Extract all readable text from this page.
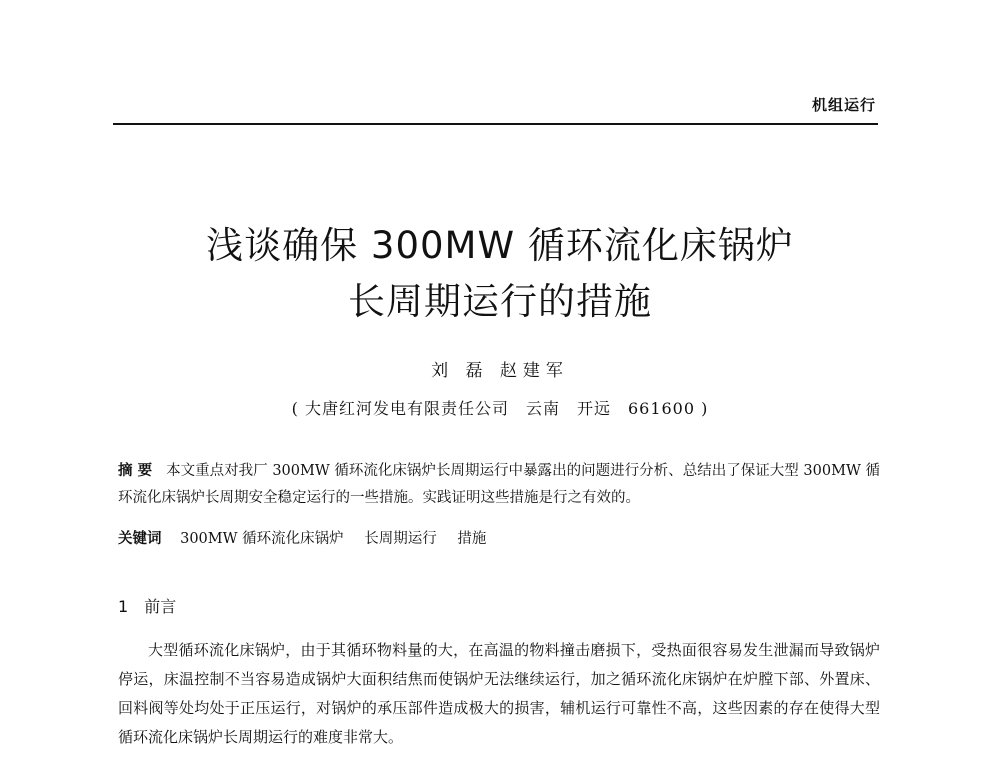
机组运行
浅谈确保 300MW 循环流化床锅炉
长周期运行的措施
刘 磊 赵建军
( 大唐红河发电有限责任公司　云南　开远　661600 )
摘 要 本文重点对我厂 300MW 循环流化床锅炉长周期运行中暴露出的问题进行分析、总结出了保证大型 300MW 循环流化床锅炉长周期安全稳定运行的一些措施。实践证明这些措施是行之有效的。
关键词 300MW 循环流化床锅炉 长周期运行 措施
1 前言

大型循环流化床锅炉，由于其循环物料量的大，在高温的物料撞击磨损下，受热面很容易发生泄漏而导致锅炉停运，床温控制不当容易造成锅炉大面积结焦而使锅炉无法继续运行，加之循环流化床锅炉在炉膛下部、外置床、回料阀等处均处于正压运行，对锅炉的承压部件造成极大的损害，辅机运行可靠性不高，这些因素的存在使得大型循环流化床锅炉长周期运行的难度非常大。
